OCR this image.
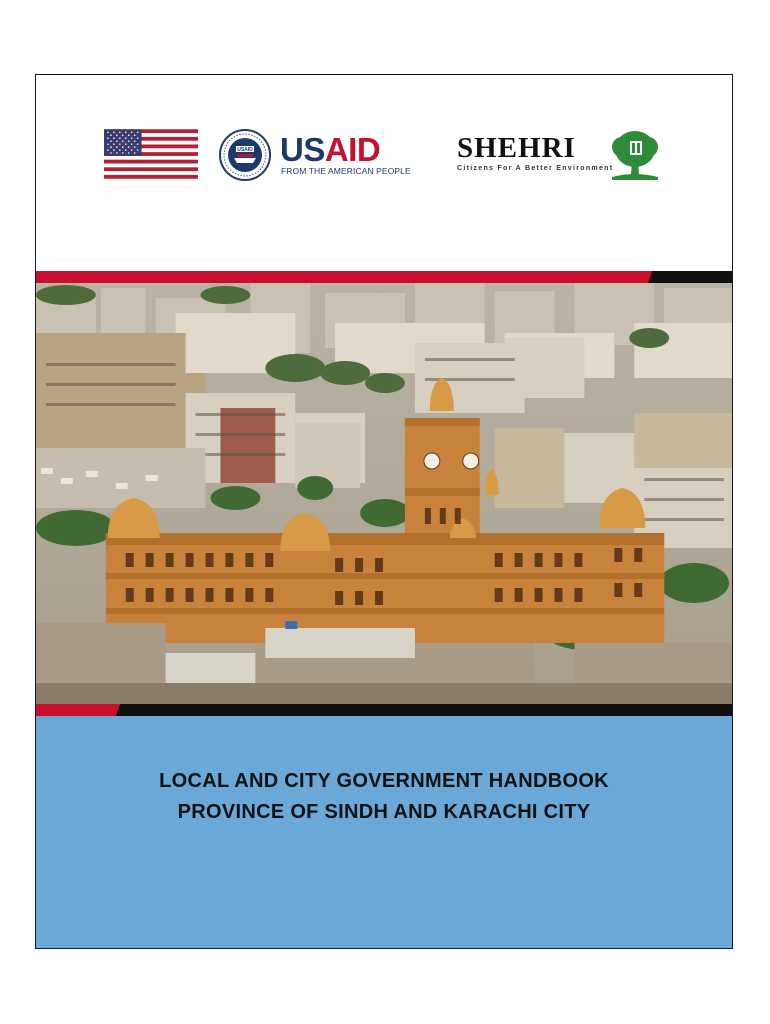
USAID USAID
FROM THE AMERICAN PEOPLE
SHEHRI
Citizens For A Better Environment
LOCAL AND CITY GOVERNMENT HANDBOOK
PROVINCE OF SINDH AND KARACHI CITY
